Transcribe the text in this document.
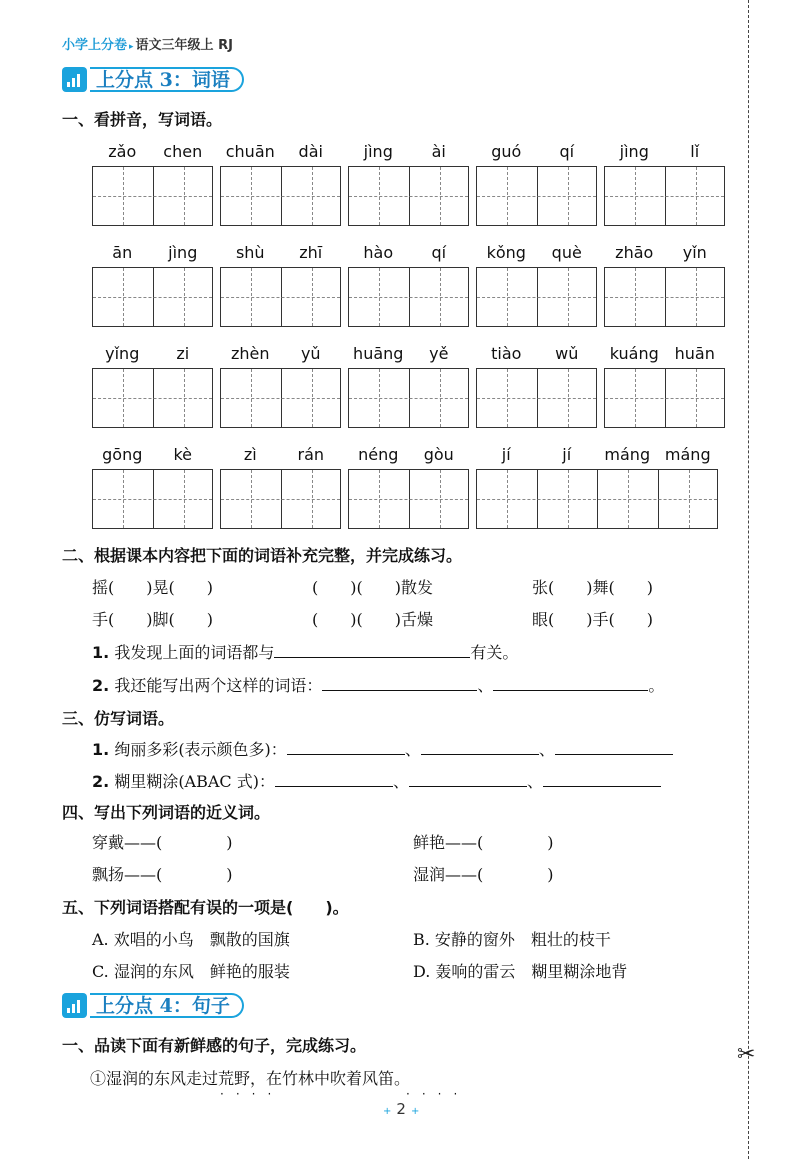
✂
小学上分卷 ▸ 语文三年级上 RJ
上分点 3：词语
一、看拼音，写词语。
zǎo	chen	chuān	dài	jìng	ài	guó	qí	jìng	lǐ
ān	jìng	shù	zhī	hào	qí	kǒng	què	zhāo	yǐn
yǐng	zi	zhèn	yǔ	huāng	yě	tiào	wǔ	kuáng huān
gōng	kè	zì	rán	néng	gòu	jí	jí	máng máng
二、根据课本内容把下面的词语补充完整，并完成练习。
摇(　　)晃(　　)	(　　)(　　)散发	张(　　)舞(　　)
手(　　)脚(　　)	(　　)(　　)舌燥	眼(　　)手(　　)
1. 我发现上面的词语都与	有关。
2. 我还能写出两个这样的词语：	、	。
三、仿写词语。
1. 绚丽多彩(表示颜色多)：	、	、
2. 糊里糊涂(ABAC 式)：	、	、
四、写出下列词语的近义词。
穿戴——(　　　　)	鲜艳——(　　　　)
飘扬——(　　　　)	湿润——(　　　　)
五、下列词语搭配有误的一项是(　　)。
A. 欢唱的小鸟　飘散的国旗	B. 安静的窗外　粗壮的枝干
C. 湿润的东风　鲜艳的服装	D. 轰响的雷云　糊里糊涂地背
上分点 4：句子
一、品读下面有新鲜感的句子，完成练习。
①湿润的东风走过荒野，在竹林中吹着风笛。
····	····
+ 2 +
